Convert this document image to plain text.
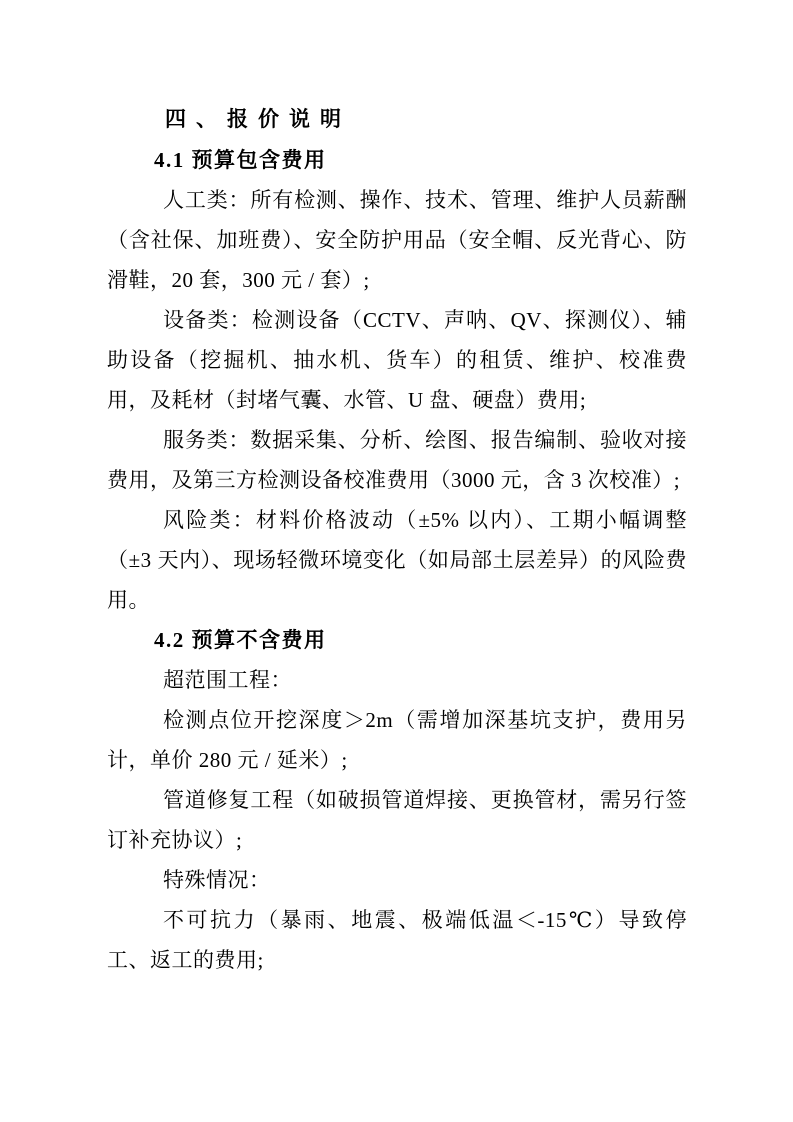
四、报价说明
4.1 预算包含费用

人工类：所有检测、操作、技术、管理、维护人员薪酬（含社保、加班费）、安全防护用品（安全帽、反光背心、防滑鞋，20 套，300 元 / 套）;

设备类：检测设备（CCTV、声呐、QV、探测仪）、辅助设备（挖掘机、抽水机、货车）的租赁、维护、校准费用，及耗材（封堵气囊、水管、U 盘、硬盘）费用;

服务类：数据采集、分析、绘图、报告编制、验收对接费用，及第三方检测设备校准费用（3000 元，含 3 次校准）;

风险类：材料价格波动（±5% 以内）、工期小幅调整（±3 天内）、现场轻微环境变化（如局部土层差异）的风险费用。

4.2 预算不含费用

超范围工程：

检测点位开挖深度＞2m（需增加深基坑支护，费用另计，单价 280 元 / 延米）;

管道修复工程（如破损管道焊接、更换管材，需另行签订补充协议）;

特殊情况：

不可抗力（暴雨、地震、极端低温＜-15℃）导致停工、返工的费用;
